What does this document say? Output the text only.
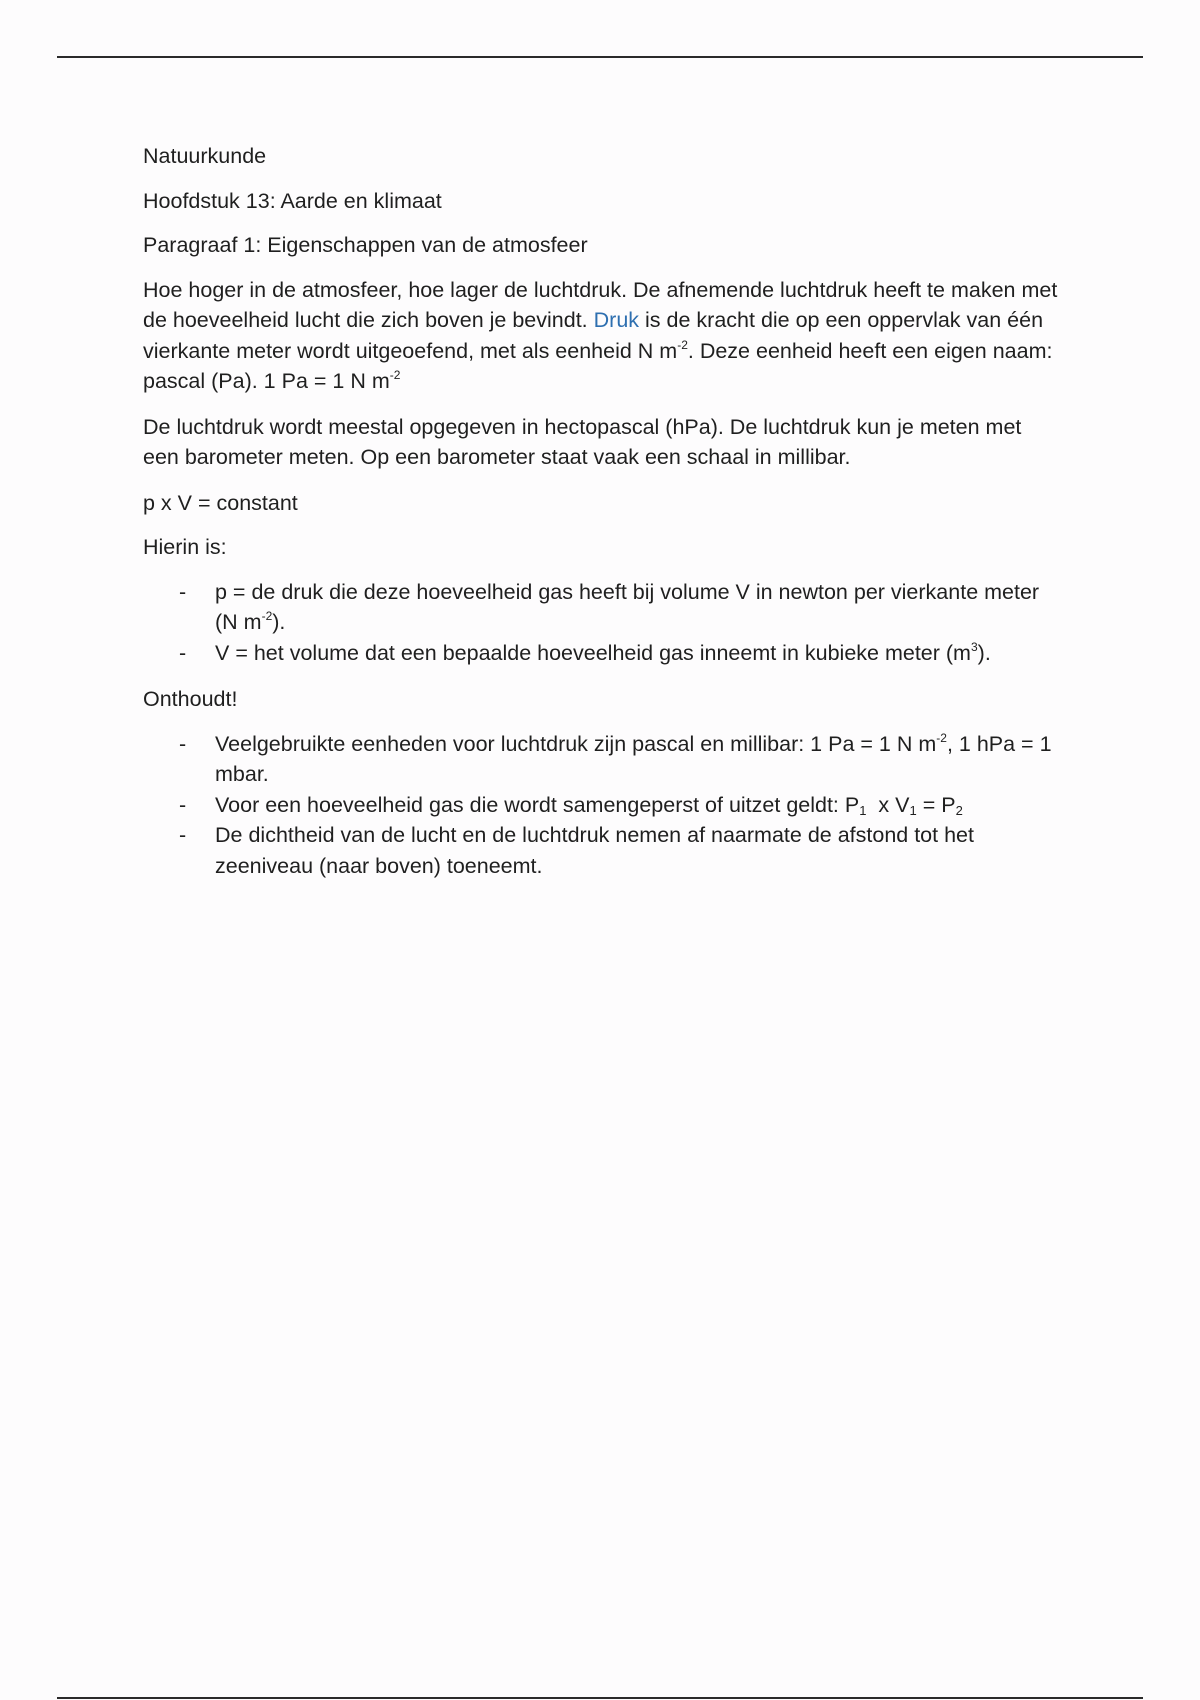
Natuurkunde

Hoofdstuk 13: Aarde en klimaat

Paragraaf 1: Eigenschappen van de atmosfeer

Hoe hoger in de atmosfeer, hoe lager de luchtdruk. De afnemende luchtdruk heeft te maken met de hoeveelheid lucht die zich boven je bevindt. Druk is de kracht die op een oppervlak van één vierkante meter wordt uitgeoefend, met als eenheid N $m^{-2}$. Deze eenheid heeft een eigen naam: pascal (Pa). 1 Pa = 1 N $m^{-2}$

De luchtdruk wordt meestal opgegeven in hectopascal (hPa). De luchtdruk kun je meten met een barometer meten. Op een barometer staat vaak een schaal in millibar.

p x V = constant

Hierin is:

- p = de druk die deze hoeveelheid gas heeft bij volume V in newton per vierkante meter (N $m^{-2}$).
- V = het volume dat een bepaalde hoeveelheid gas inneemt in kubieke meter $(m^3)$.

Onthoudt!

- Veelgebruikte eenheden voor luchtdruk zijn pascal en millibar: 1 Pa = 1 N $m^{-2}$, 1 hPa = 1 mbar.
- Voor een hoeveelheid gas die wordt samengeperst of uitzet geldt: $P_1$  x $V_1 = P_2$
- De dichtheid van de lucht en de luchtdruk nemen af naarmate de afstond tot het zeeniveau (naar boven) toeneemt.
